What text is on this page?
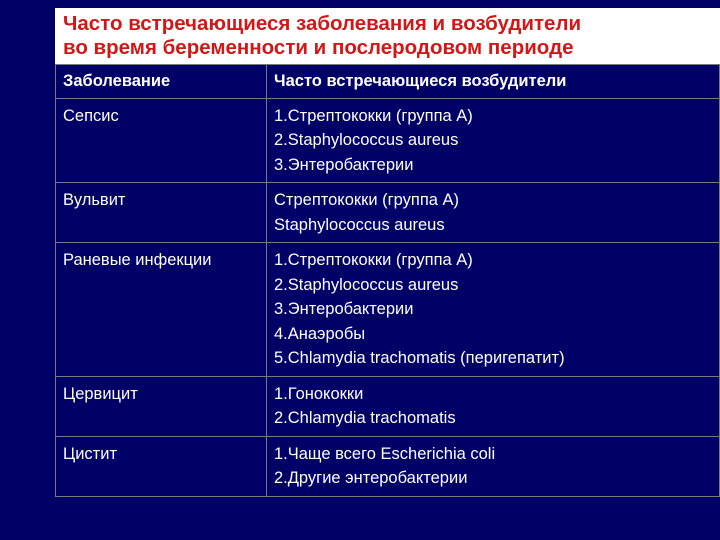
Часто встречающиеся заболевания и возбудители
во время беременности и послеродовом периоде
Заболевание	Часто встречающиеся возбудители
Сепсис	1.Стрептококки (группа А)
2.Staphylococcus aureus
3.Энтеробактерии

Вульвит	Стрептококки (группа А)
Staphylococcus aureus

Раневые инфекции	1.Стрептококки (группа А)
2.Staphylococcus aureus
3.Энтеробактерии
4.Анаэробы
5.Chlamydia trachomatis (перигепатит)

Цервицит	1.Гонококки
2.Chlamydia trachomatis

Цистит	1.Чаще всего Escherichia coli
2.Другие энтеробактерии
